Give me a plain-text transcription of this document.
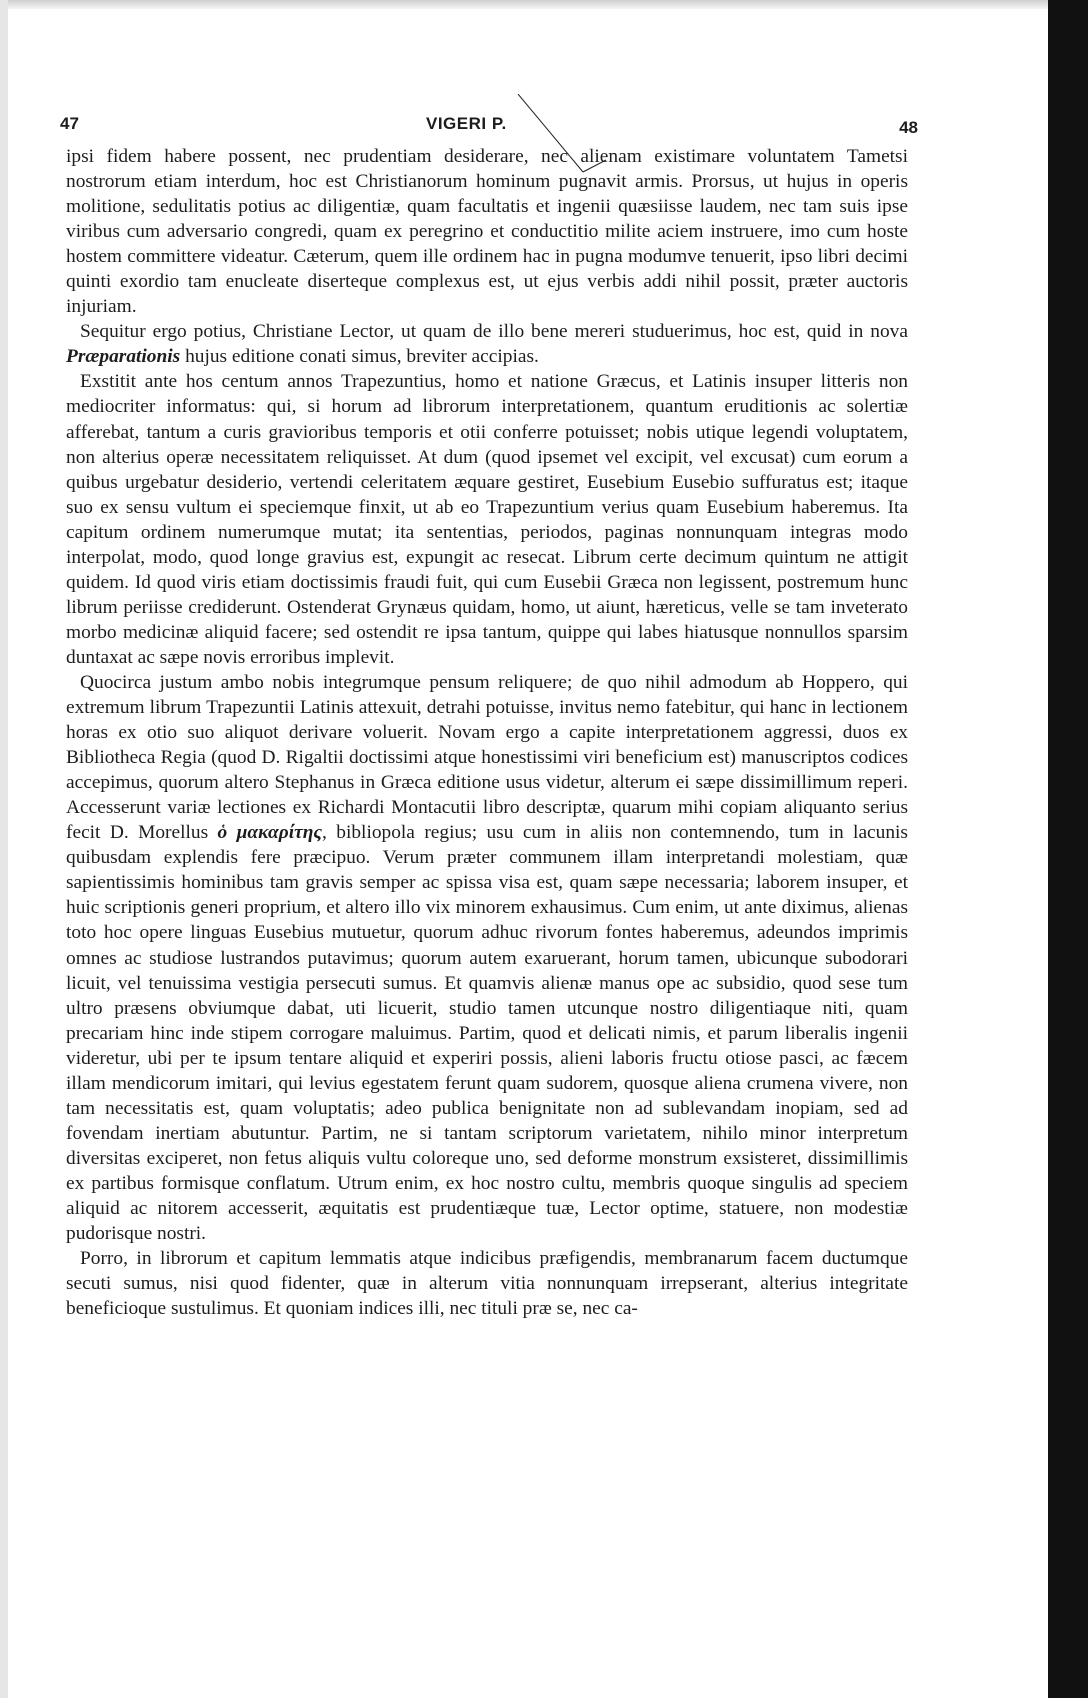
47	VIGERI P.	48

ipsi fidem habere possent, nec prudentiam desiderare, nec alienam existimare voluntatem Tametsi nostrorum etiam interdum, hoc est Christianorum hominum pugnavit armis. Prorsus, ut hujus in operis molitione, sedulitatis potius ac diligentiæ, quam facultatis et ingenii quæsiisse laudem, nec tam suis ipse viribus cum adversario congredi, quam ex peregrino et conductitio milite aciem instruere, imo cum hoste hostem committere videatur. Cæterum, quem ille ordinem hac in pugna modumve tenuerit, ipso libri decimi quinti exordio tam enucleate diserteque complexus est, ut ejus verbis addi nihil possit, præter auctoris injuriam.

Sequitur ergo potius, Christiane Lector, ut quam de illo bene mereri studuerimus, hoc est, quid in nova Præparationis hujus editione conati simus, breviter accipias.

Exstitit ante hos centum annos Trapezuntius, homo et natione Græcus, et Latinis insuper litteris non mediocriter informatus: qui, si horum ad librorum interpretationem, quantum eruditionis ac solertiæ afferebat, tantum a curis gravioribus temporis et otii conferre potuisset; nobis utique legendi voluptatem, non alterius operæ necessitatem reliquisset. At dum (quod ipsemet vel excipit, vel excusat) cum eorum a quibus urgebatur desiderio, vertendi celeritatem æquare gestiret, Eusebium Eusebio suffuratus est; itaque suo ex sensu vultum ei speciemque finxit, ut ab eo Trapezuntium verius quam Eusebium haberemus. Ita capitum ordinem numerumque mutat; ita sententias, periodos, paginas nonnunquam integras modo interpolat, modo, quod longe gravius est, expungit ac resecat. Librum certe decimum quintum ne attigit quidem. Id quod viris etiam doctissimis fraudi fuit, qui cum Eusebii Græca non legissent, postremum hunc librum periisse crediderunt. Ostenderat Grynæus quidam, homo, ut aiunt, hæreticus, velle se tam inveterato morbo medicinæ aliquid facere; sed ostendit re ipsa tantum, quippe qui labes hiatusque nonnullos sparsim duntaxat ac sæpe novis erroribus implevit.

Quocirca justum ambo nobis integrumque pensum reliquere; de quo nihil admodum ab Hoppero, qui extremum librum Trapezuntii Latinis attexuit, detrahi potuisse, invitus nemo fatebitur, qui hanc in lectionem horas ex otio suo aliquot derivare voluerit. Novam ergo a capite interpretationem aggressi, duos ex Bibliotheca Regia (quod D. Rigaltii doctissimi atque honestissimi viri beneficium est) manuscriptos codices accepimus, quorum altero Stephanus in Græca editione usus videtur, alterum ei sæpe dissimillimum reperi. Accesserunt variæ lectiones ex Richardi Montacutii libro descriptæ, quarum mihi copiam aliquanto serius fecit D. Morellus ὁ μακαρίτης, bibliopola regius; usu cum in aliis non contemnendo, tum in lacunis quibusdam explendis fere præcipuo. Verum præter communem illam interpretandi molestiam, quæ sapientissimis hominibus tam gravis semper ac spissa visa est, quam sæpe necessaria; laborem insuper, et huic scriptionis generi proprium, et altero illo vix minorem exhausimus. Cum enim, ut ante diximus, alienas toto hoc opere linguas Eusebius mutuetur, quorum adhuc rivorum fontes haberemus, adeundos imprimis omnes ac studiose lustrandos putavimus; quorum autem exaruerant, horum tamen, ubicunque subodorari licuit, vel tenuissima vestigia persecuti sumus. Et quamvis alienæ manus ope ac subsidio, quod sese tum ultro præsens obviumque dabat, uti licuerit, studio tamen utcunque nostro diligentiaque niti, quam precariam hinc inde stipem corrogare maluimus. Partim, quod et delicati nimis, et parum liberalis ingenii videretur, ubi per te ipsum tentare aliquid et experiri possis, alieni laboris fructu otiose pasci, ac fæcem illam mendicorum imitari, qui levius egestatem ferunt quam sudorem, quosque aliena crumena vivere, non tam necessitatis est, quam voluptatis; adeo publica benignitate non ad sublevandam inopiam, sed ad fovendam inertiam abutuntur. Partim, ne si tantam scriptorum varietatem, nihilo minor interpretum diversitas exciperet, non fetus aliquis vultu coloreque uno, sed deforme monstrum exsisteret, dissimillimis ex partibus formisque conflatum. Utrum enim, ex hoc nostro cultu, membris quoque singulis ad speciem aliquid ac nitorem accesserit, æquitatis est prudentiæque tuæ, Lector optime, statuere, non modestiæ pudorisque nostri.

Porro, in librorum et capitum lemmatis atque indicibus præfigendis, membranarum facem ductumque secuti sumus, nisi quod fidenter, quæ in alterum vitia nonnunquam irrepserant, alterius integritate beneficioque sustulimus. Et quoniam indices illi, nec tituli præ se, nec ca-
